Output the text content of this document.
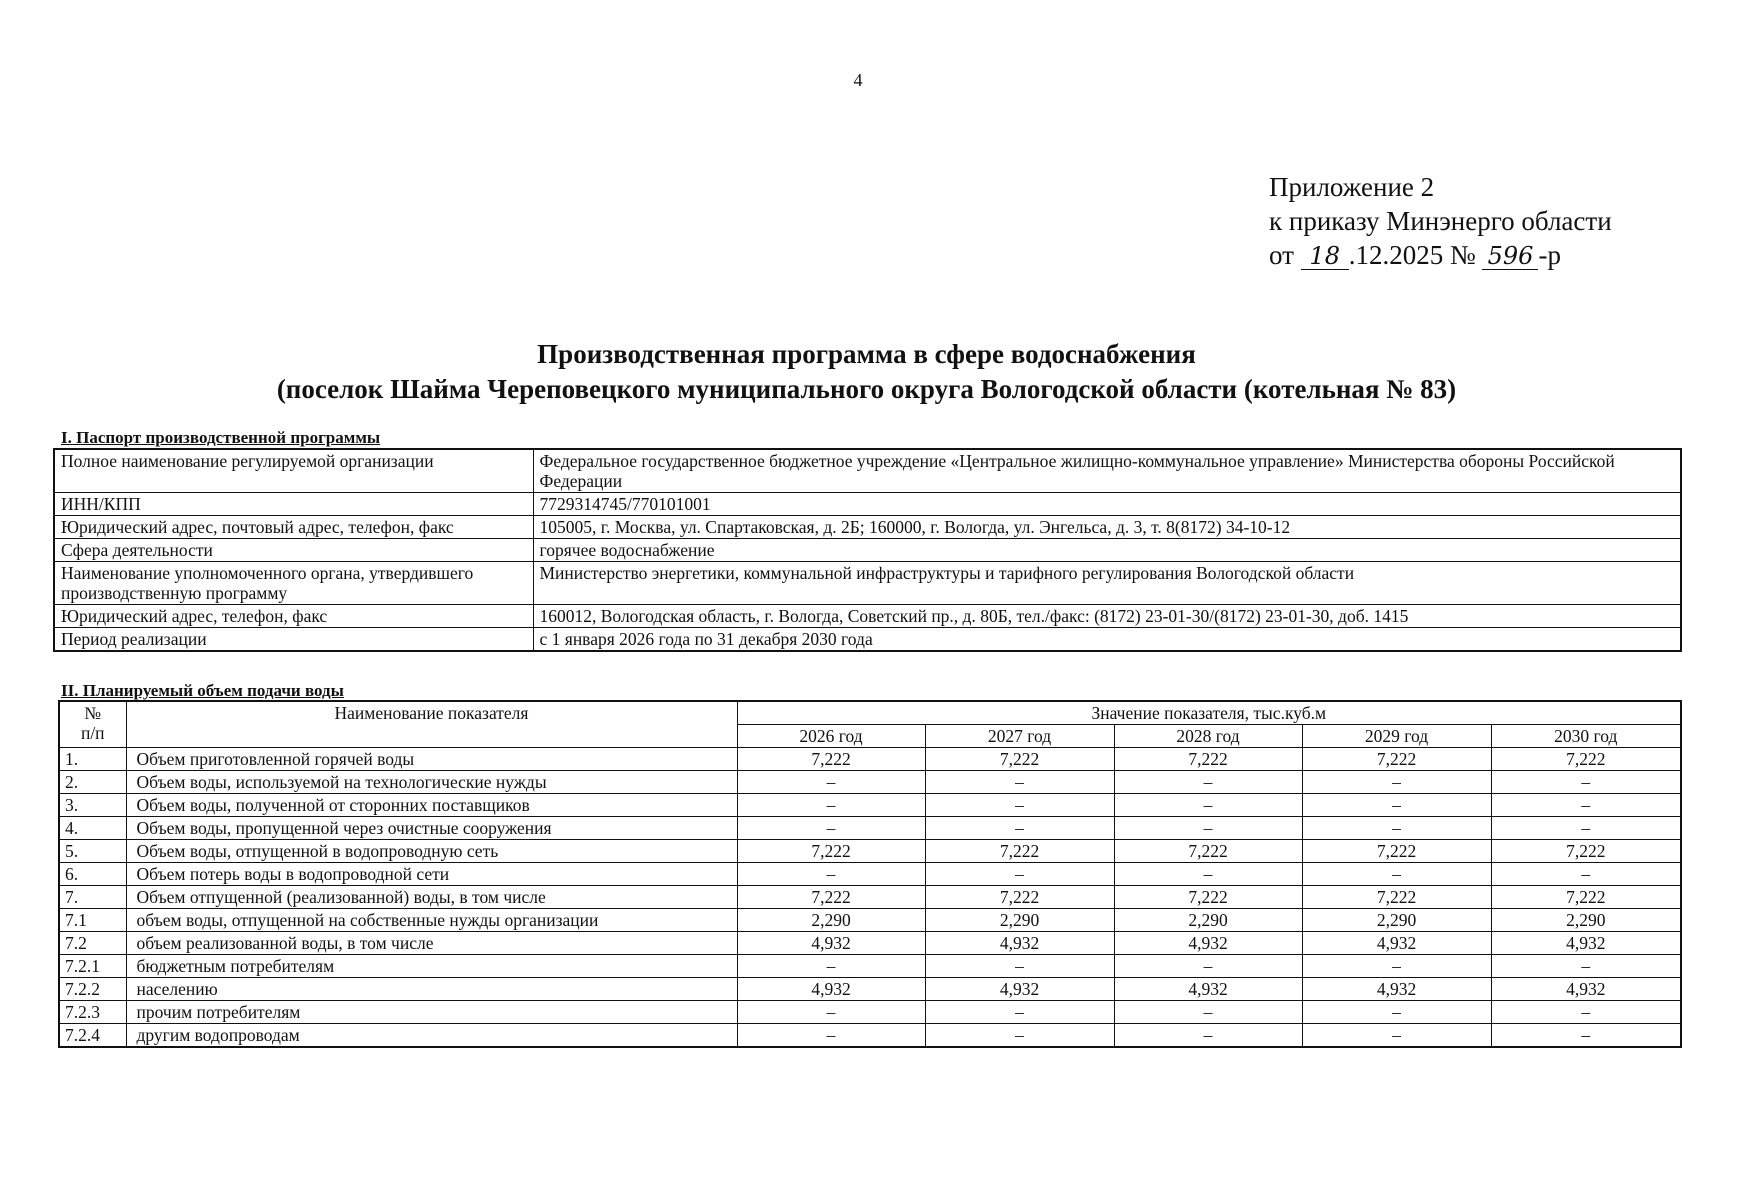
4
Приложение 2
к приказу Минэнерго области
от 18 .12.2025 № 596 -р
Производственная программа в сфере водоснабжения
(поселок Шайма Череповецкого муниципального округа Вологодской области (котельная № 83)
I. Паспорт производственной программы
Полное наименование регулируемой организации	Федеральное государственное бюджетное учреждение «Центральное жилищно-коммунальное управление» Министерства обороны Российской Федерации
ИНН/КПП	7729314745/770101001
Юридический адрес, почтовый адрес, телефон, факс	105005, г. Москва, ул. Спартаковская, д. 2Б; 160000, г. Вологда, ул. Энгельса, д. 3, т. 8(8172) 34-10-12
Сфера деятельности	горячее водоснабжение
Наименование уполномоченного органа, утвердившего производственную программу	Министерство энергетики, коммунальной инфраструктуры и тарифного регулирования Вологодской области
Юридический адрес, телефон, факс	160012, Вологодская область, г. Вологда, Советский пр., д. 80Б, тел./факс: (8172) 23-01-30/(8172) 23-01-30, доб. 1415
Период реализации	с 1 января 2026 года по 31 декабря 2030 года
II. Планируемый объем подачи воды
№
п/п	Наименование показателя	Значение показателя, тыс.куб.м				
		2026 год	2027 год	2028 год	2029 год	2030 год
1.	Объем приготовленной горячей воды	7,222	7,222	7,222	7,222	7,222
2.	Объем воды, используемой на технологические нужды	–	–	–	–	–
3.	Объем воды, полученной от сторонних поставщиков	–	–	–	–	–
4.	Объем воды, пропущенной через очистные сооружения	–	–	–	–	–
5.	Объем воды, отпущенной в водопроводную сеть	7,222	7,222	7,222	7,222	7,222
6.	Объем потерь воды в водопроводной сети	–	–	–	–	–
7.	Объем отпущенной (реализованной) воды, в том числе	7,222	7,222	7,222	7,222	7,222
7.1	объем воды, отпущенной на собственные нужды организации	2,290	2,290	2,290	2,290	2,290
7.2	объем реализованной воды, в том числе	4,932	4,932	4,932	4,932	4,932
7.2.1	бюджетным потребителям	–	–	–	–	–
7.2.2	населению	4,932	4,932	4,932	4,932	4,932
7.2.3	прочим потребителям	–	–	–	–	–
7.2.4	другим водопроводам	–	–	–	–	–
